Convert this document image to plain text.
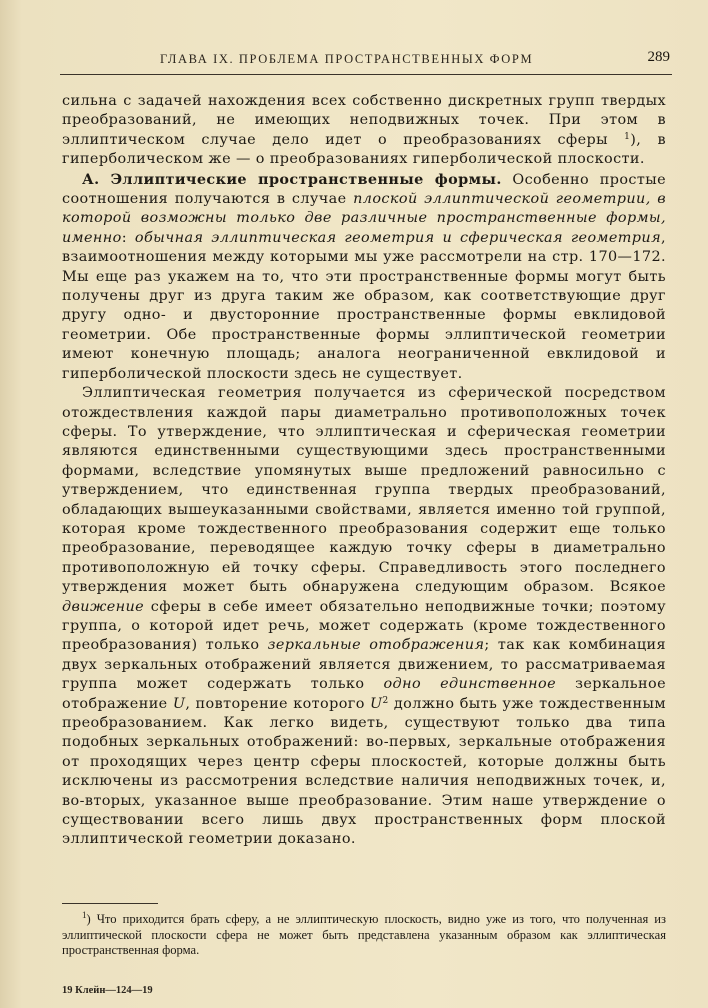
ГЛАВА IX. ПРОБЛЕМА ПРОСТРАНСТВЕННЫХ ФОРМ	289

сильна с задачей нахождения всех собственно дискретных групп твердых преобразований, не имеющих неподвижных точек. При этом в эллиптическом случае дело идет о преобразованиях сферы $^1$), в гиперболическом же — о преобразованиях гиперболической плоскости.

А. Эллиптические пространственные формы. Особенно простые соотношения получаются в случае плоской эллиптической геометрии, в которой возможны только две различные пространственные формы, именно: обычная эллиптическая геометрия и сферическая геометрия, взаимоотношения между которыми мы уже рассмотрели на стр. 170—172. Мы еще раз укажем на то, что эти пространственные формы могут быть получены друг из друга таким же образом, как соответствующие друг другу одно- и двусторонние пространственные формы евклидовой геометрии. Обе пространственные формы эллиптической геометрии имеют конечную площадь; аналога неограниченной евклидовой и гиперболической плоскости здесь не существует.

Эллиптическая геометрия получается из сферической посредством отождествления каждой пары диаметрально противоположных точек сферы. То утверждение, что эллиптическая и сферическая геометрии являются единственными существующими здесь пространственными формами, вследствие упомянутых выше предложений равносильно с утверждением, что единственная группа твердых преобразований, обладающих вышеуказанными свойствами, является именно той группой, которая кроме тождественного преобразования содержит еще только преобразование, переводящее каждую точку сферы в диаметрально противоположную ей точку сферы. Справедливость этого последнего утверждения может быть обнаружена следующим образом. Всякое движение сферы в себе имеет обязательно неподвижные точки; поэтому группа, о которой идет речь, может содержать (кроме тождественного преобразования) только зеркальные отображения; так как комбинация двух зеркальных отображений является движением, то рассматриваемая группа может содержать только одно единственное зеркальное отображение U, повторение которого $U^2$ должно быть уже тождественным преобразованием. Как легко видеть, существуют только два типа подобных зеркальных отображений: во-первых, зеркальные отображения от проходящих через центр сферы плоскостей, которые должны быть исключены из рассмотрения вследствие наличия неподвижных точек, и, во-вторых, указанное выше преобразование. Этим наше утверждение о существовании всего лишь двух пространственных форм плоской эллиптической геометрии доказано.

$^1$) Что приходится брать сферу, а не эллиптическую плоскость, видно уже из того, что полученная из эллиптической плоскости сфера не может быть представлена указанным образом как эллиптическая пространственная форма.

19 Клейн—124—19
